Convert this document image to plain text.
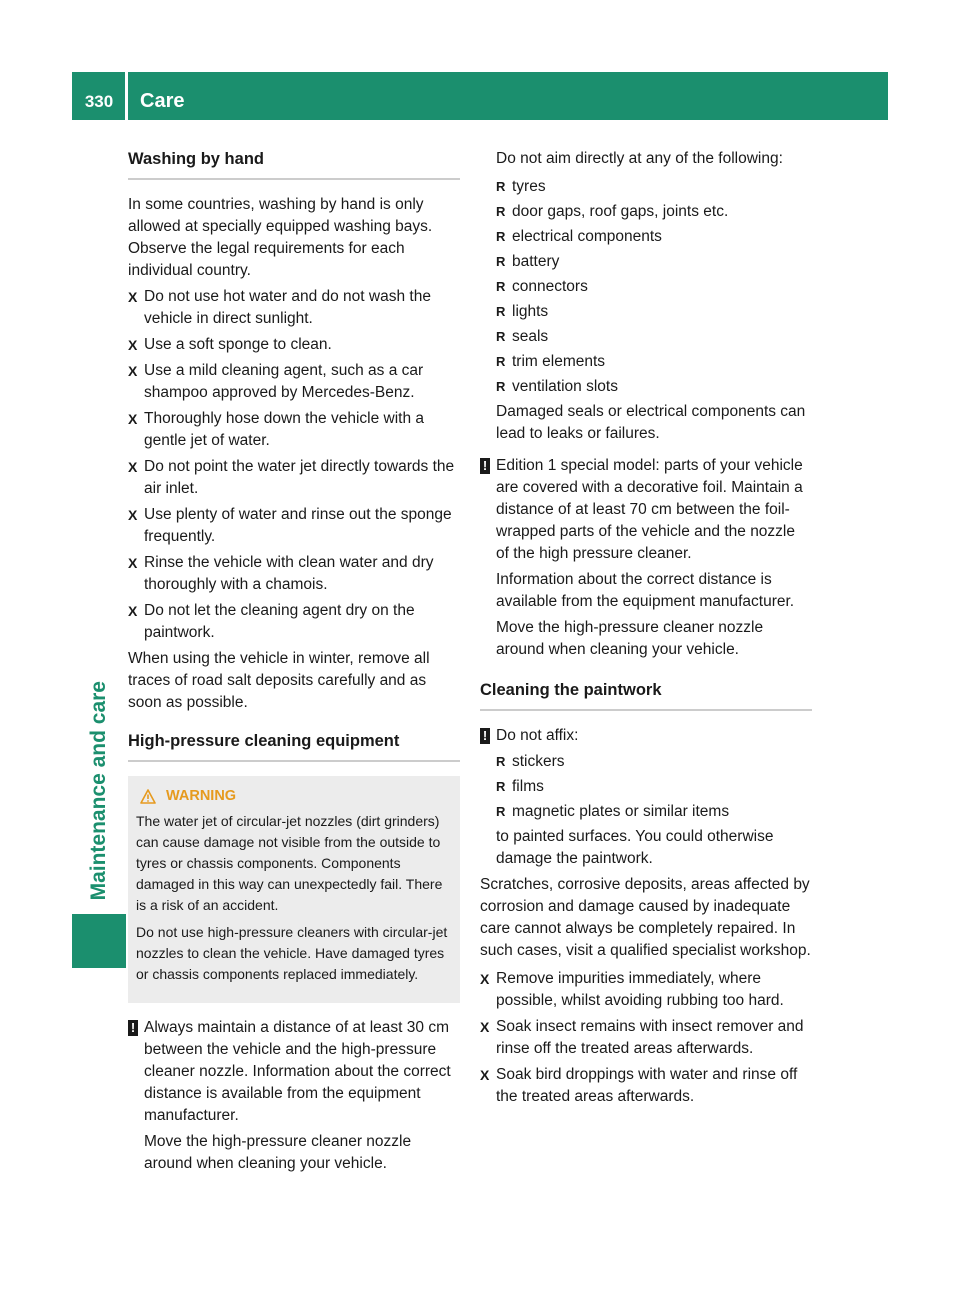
330	Care
Maintenance and care
Washing by hand

In some countries, washing by hand is only allowed at specially equipped washing bays. Observe the legal requirements for each individual country.

X Do not use hot water and do not wash the vehicle in direct sunlight.
X Use a soft sponge to clean.
X Use a mild cleaning agent, such as a car shampoo approved by Mercedes-Benz.
X Thoroughly hose down the vehicle with a gentle jet of water.
X Do not point the water jet directly towards the air inlet.
X Use plenty of water and rinse out the sponge frequently.
X Rinse the vehicle with clean water and dry thoroughly with a chamois.
X Do not let the cleaning agent dry on the paintwork.

When using the vehicle in winter, remove all traces of road salt deposits carefully and as soon as possible.

High-pressure cleaning equipment
WARNING

The water jet of circular-jet nozzles (dirt grinders) can cause damage not visible from the outside to tyres or chassis components. Components damaged in this way can unexpectedly fail. There is a risk of an accident.

Do not use high-pressure cleaners with circular-jet nozzles to clean the vehicle. Have damaged tyres or chassis components replaced immediately.

! Always maintain a distance of at least 30 cm between the vehicle and the high-pressure cleaner nozzle. Information about the correct distance is available from the equipment manufacturer.
Move the high-pressure cleaner nozzle around when cleaning your vehicle.

Do not aim directly at any of the following:

R tyres
R door gaps, roof gaps, joints etc.
R electrical components
R battery
R connectors
R lights
R seals
R trim elements
R ventilation slots

Damaged seals or electrical components can lead to leaks or failures.

! Edition 1 special model: parts of your vehicle are covered with a decorative foil. Maintain a distance of at least 70 cm between the foil-wrapped parts of the vehicle and the nozzle of the high pressure cleaner.
Information about the correct distance is available from the equipment manufacturer.
Move the high-pressure cleaner nozzle around when cleaning your vehicle.
Cleaning the paintwork
! Do not affix:
R stickers
R films
R magnetic plates or similar items
to painted surfaces. You could otherwise damage the paintwork.

Scratches, corrosive deposits, areas affected by corrosion and damage caused by inadequate care cannot always be completely repaired. In such cases, visit a qualified specialist workshop.

X Remove impurities immediately, where possible, whilst avoiding rubbing too hard.
X Soak insect remains with insect remover and rinse off the treated areas afterwards.
X Soak bird droppings with water and rinse off the treated areas afterwards.
